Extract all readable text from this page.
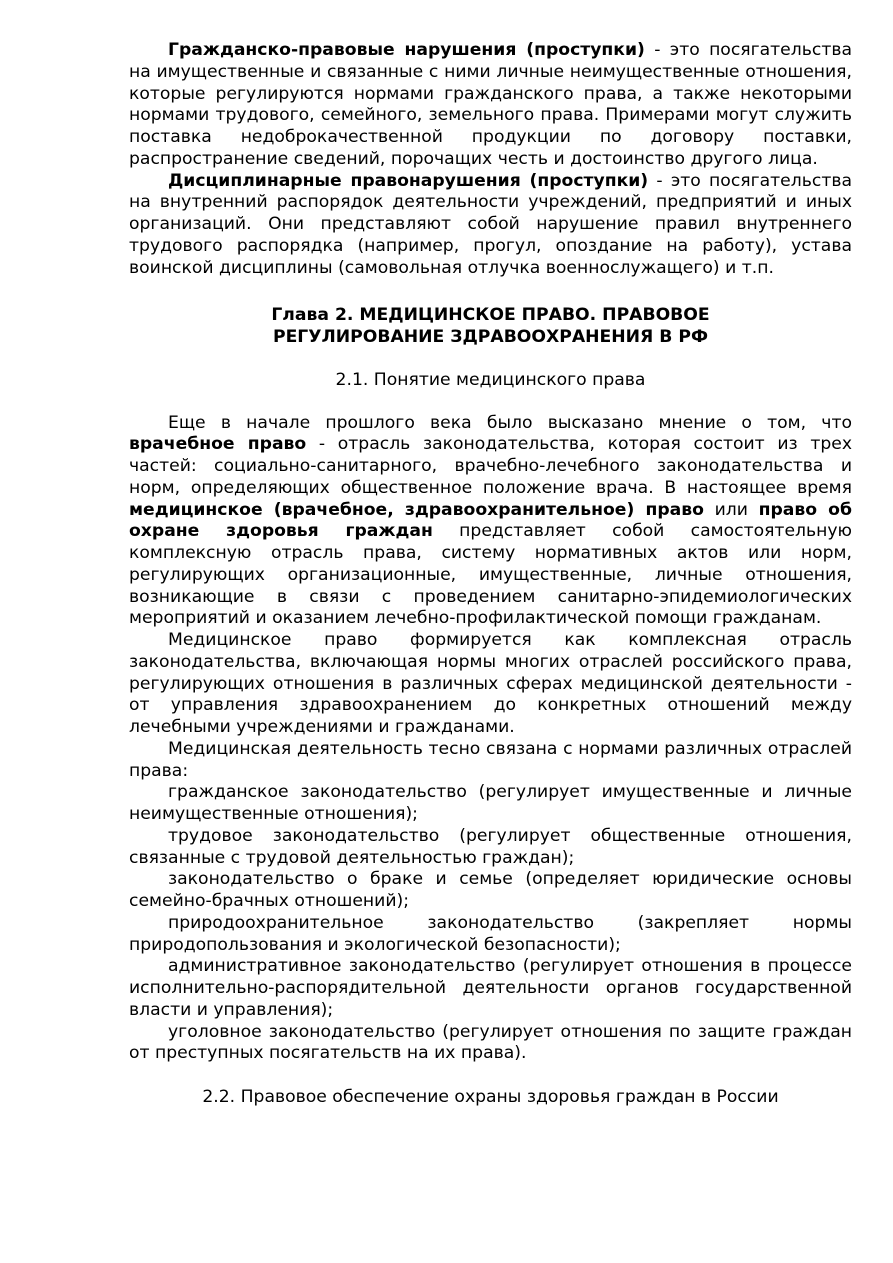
Гражданско-правовые нарушения (проступки) - это посягательства на имущественные и связанные с ними личные неимущественные отношения, которые регулируются нормами гражданского права, а также некоторыми нормами трудового, семейного, земельного права. Примерами могут служить поставка недоброкачественной продукции по договору поставки, распространение сведений, порочащих честь и достоинство другого лица.

Дисциплинарные правонарушения (проступки) - это посягательства на внутренний распорядок деятельности учреждений, предприятий и иных организаций. Они представляют собой нарушение правил внутреннего трудового распорядка (например, прогул, опоздание на работу), устава воинской дисциплины (самовольная отлучка военнослужащего) и т.п.

Глава 2. МЕДИЦИНСКОЕ ПРАВО. ПРАВОВОЕ
РЕГУЛИРОВАНИЕ ЗДРАВООХРАНЕНИЯ В РФ

2.1. Понятие медицинского права

Еще в начале прошлого века было высказано мнение о том, что врачебное право - отрасль законодательства, которая состоит из трех частей: социально-санитарного, врачебно-лечебного законодательства и норм, определяющих общественное положение врача. В настоящее время медицинское (врачебное, здравоохранительное) право или право об охране здоровья граждан представляет собой самостоятельную комплексную отрасль права, систему нормативных актов или норм, регулирующих организационные, имущественные, личные отношения, возникающие в связи с проведением санитарно-эпидемиологических мероприятий и оказанием лечебно-профилактической помощи гражданам.

Медицинское право формируется как комплексная отрасль законодательства, включающая нормы многих отраслей российского права, регулирующих отношения в различных сферах медицинской деятельности - от управления здравоохранением до конкретных отношений между лечебными учреждениями и гражданами.

Медицинская деятельность тесно связана с нормами различных отраслей права:

гражданское законодательство (регулирует имущественные и личные неимущественные отношения);

трудовое законодательство (регулирует общественные отношения, связанные с трудовой деятельностью граждан);

законодательство о браке и семье (определяет юридические основы семейно-брачных отношений);

природоохранительное законодательство (закрепляет нормы природопользования и экологической безопасности);

административное законодательство (регулирует отношения в процессе исполнительно-распорядительной деятельности органов государственной власти и управления);

уголовное законодательство (регулирует отношения по защите граждан от преступных посягательств на их права).

2.2. Правовое обеспечение охраны здоровья граждан в России
